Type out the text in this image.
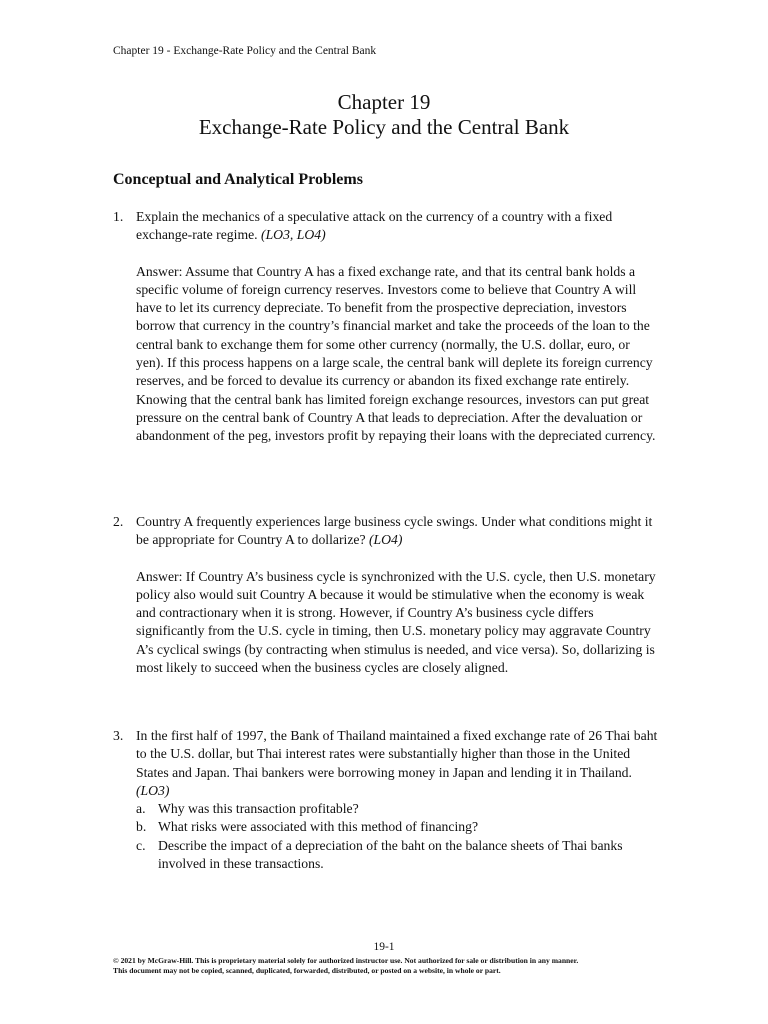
Chapter 19 - Exchange-Rate Policy and the Central Bank
Chapter 19
Exchange-Rate Policy and the Central Bank
Conceptual and Analytical Problems
1. Explain the mechanics of a speculative attack on the currency of a country with a fixed exchange-rate regime. (LO3, LO4)
Answer: Assume that Country A has a fixed exchange rate, and that its central bank holds a specific volume of foreign currency reserves. Investors come to believe that Country A will have to let its currency depreciate. To benefit from the prospective depreciation, investors borrow that currency in the country’s financial market and take the proceeds of the loan to the central bank to exchange them for some other currency (normally, the U.S. dollar, euro, or yen). If this process happens on a large scale, the central bank will deplete its foreign currency reserves, and be forced to devalue its currency or abandon its fixed exchange rate entirely. Knowing that the central bank has limited foreign exchange resources, investors can put great pressure on the central bank of Country A that leads to depreciation. After the devaluation or abandonment of the peg, investors profit by repaying their loans with the depreciated currency.
2. Country A frequently experiences large business cycle swings. Under what conditions might it be appropriate for Country A to dollarize? (LO4)
Answer: If Country A’s business cycle is synchronized with the U.S. cycle, then U.S. monetary policy also would suit Country A because it would be stimulative when the economy is weak and contractionary when it is strong. However, if Country A’s business cycle differs significantly from the U.S. cycle in timing, then U.S. monetary policy may aggravate Country A’s cyclical swings (by contracting when stimulus is needed, and vice versa). So, dollarizing is most likely to succeed when the business cycles are closely aligned.
3. In the first half of 1997, the Bank of Thailand maintained a fixed exchange rate of 26 Thai baht to the U.S. dollar, but Thai interest rates were substantially higher than those in the United States and Japan. Thai bankers were borrowing money in Japan and lending it in Thailand. (LO3)
a. Why was this transaction profitable?
b. What risks were associated with this method of financing?
c. Describe the impact of a depreciation of the baht on the balance sheets of Thai banks involved in these transactions.
19-1
© 2021 by McGraw-Hill. This is proprietary material solely for authorized instructor use. Not authorized for sale or distribution in any manner.
This document may not be copied, scanned, duplicated, forwarded, distributed, or posted on a website, in whole or part.
